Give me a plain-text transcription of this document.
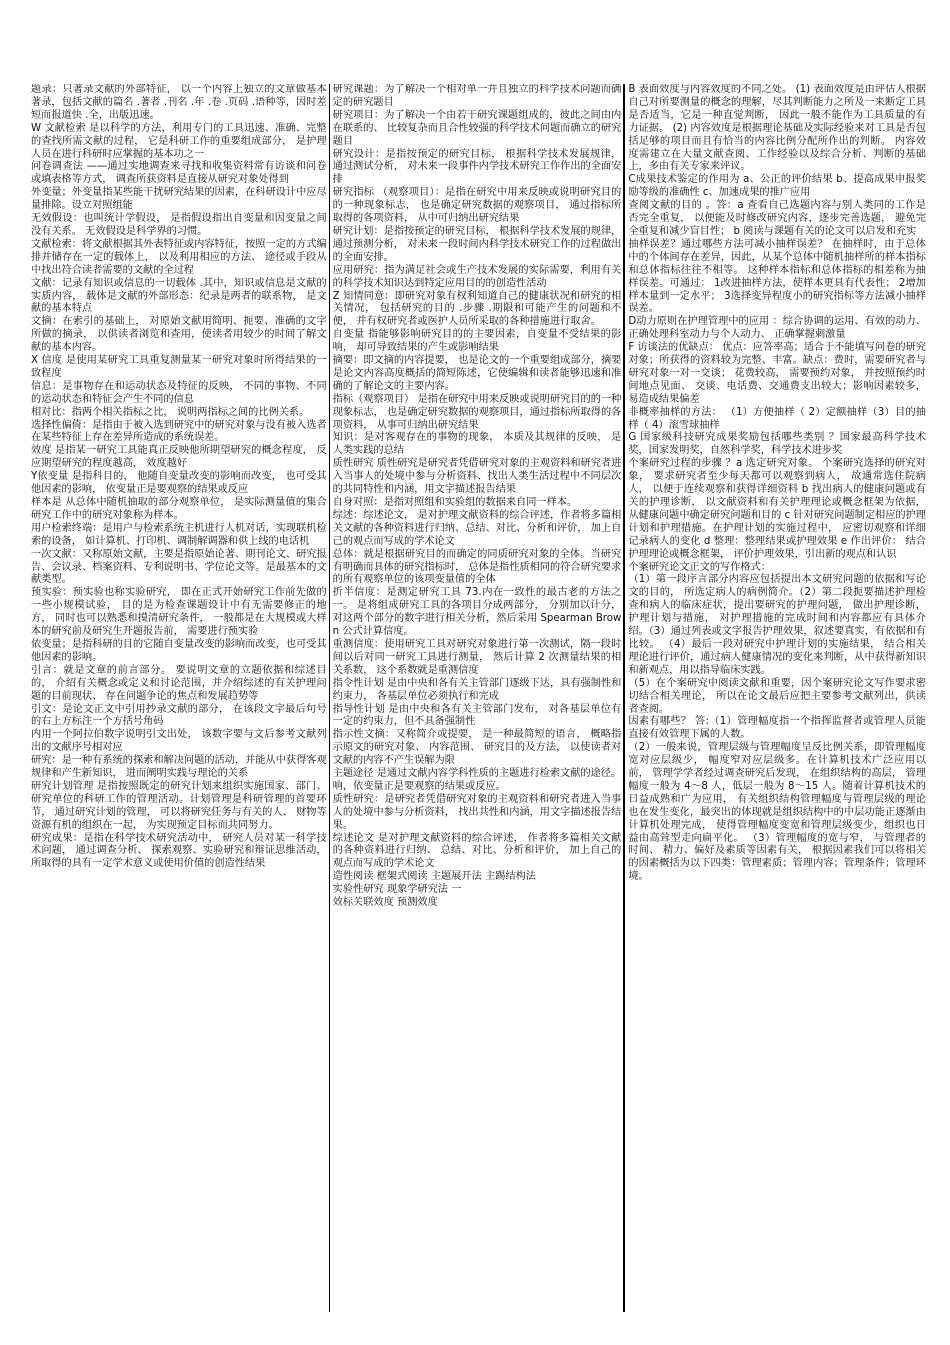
题录：只著录文献的外部特征， 以一个内容上独立的文章做基本著录，包括文献的篇名 .著者 .刊名 .年 .卷 .页码 .语种等，因时差短而报道快 .全，出版迅速。

W 文献检索 是以科学的方法，利用专门的工具迅速、准确、完整的查找所需文献的过程， 它是科研工作的重要组成部分， 是护理人员在进行科研时应掌握的基本功之一

问卷调查法 ——通过实地调查来寻找和收集资料常有访谈和问卷或填表格等方式， 调查所获资料是直接从研究对象处得到

外变量；外变量指某些能干扰研究结果的因素，在科研设计中应尽量排除。设立对照组能

无效假设：也叫统计学假设， 是指假设指出自变量和因变量之间没有关系。 无效假设是科学界的习惯。

文献检索：将文献根据其外表特征或内容特征，按照一定的方式编排并储存在一定的载体上， 以及利用相应的方法、 途径或手段从中找出符合读者需要的文献的全过程

文献：记录有知识或信息的一切载体 .其中，知识或信息是文献的实质内容， 载体是文献的外部形态：纪录是两者的联系物， 是文献的基本特点

文摘：在索引的基础上， 对原始文献用简明、扼要、准确的文字所做的摘录， 以供读者浏览和查用，使读者用较少的时间了解文献的基本内容。

X 信度 是使用某研究工具重复测量某一研究对象时所得结果的一致程度

信息：是事物存在和运动状态及特征的反映， 不同的事物、不同的运动状态和特征会产生不同的信息

相对比：指两个相关指标之比， 说明两指标之间的比例关系。

选择性偏倚：是指由于被入选到研究中的研究对象与没有被入选者在某些特征上存在差异所造成的系统误差。

效度 是指某一研究工具能真正反映他所期望研究的概念程度， 反应期望研究的程度越高， 效度越好

Y依变量 是指科目的， 他随自变量改变的影响而改变， 也可受其他因素的影响， 依变量正是要观察的结果或反应

样本是 从总体中随机抽取的部分观察单位， 是实际测量值的集合 研究工作中的研究对象称为样本。

用户检索终端：是用户与检索系统主机进行人机对话，实现联机检索的设备， 如计算机、打印机、调制解调器和供上线的电话机

一次文献：又称原始文献，主要是指原始论著、期刊论文、研究报告、会议录、档案资料、专利说明书、学位论文等。是最基本的文献类型。

预实验：预实验也称实验研究， 即在正式开始研究工作前先做的一些小规模试验， 目的是为检查课题设计中有无需要修正的地方， 同时也可以熟悉和摸清研究条件， 一般都是在大规模或大样本的研究前及研究生开题报告前， 需要进行预实验

依变量；是指科研的目的它随自变量改变的影响而改变，也可受其他因素的影响。

引言：就是文章的前言部分。 要说明文章的立题依据和综述目的， 介绍有关概念或定义和讨论范围，并介绍综述的有关护理问题的目前现状、 存在问题争论的焦点和发展趋势等

引文：是论文正文中引用抄录文献的部分， 在该段文字最后句号的右上方标注一个方括号角码

内用一个阿拉伯数字说明引文出处， 该数字要与文后参考文献列出的文献序号相对应

研究：是一种有系统的探索和解决问题的活动，并能从中获得客观规律和产生新知识， 进而阐明实践与理论的关系

研究计划管理 是指按照既定的研究计划来组织实施国家、部门、研究单位的科研工作的管理活动。计划管理是科研管理的首要环节， 通过研究计划的管理， 可以将研究任务与有关的人、 财物等资源有机的组织在一起， 为实现预定目标而共同努力。

研究成果：是指在科学技术研究活动中， 研究人员对某一科学技术问题， 通过调查分析、 探索观察、实验研究和辩证思维活动， 所取得的具有一定学术意义或使用价值的创造性结果

研究课题：为了解决一个相对单一并且独立的科学技术问题而确定的研究题目

研究项目：为了解决一个由若干研究课题组成的，彼此之间由内在联系的、 比较复杂而且合性较强的科学技术问题而确立的研究题目

研究设计：是指按预定的研究目标， 根据科学技术发展规律， 通过测试分析， 对未来一段事件内学技术研究工作作出的全面安排

研究指标 （观察项目）：是指在研究中用来反映或说明研究目的的一种现象标志， 也是确定研究数据的观察项目， 通过指标所取得的各项资料， 从中可归纳出研究结果

研究计划：是指按预定的研究目标， 根据科学技术发展的规律， 通过预测分析， 对未来一段时间内科学技术研究工作的过程做出的全面安排。

应用研究：指为满足社会或生产技术发展的实际需要，利用有关的科学技术知识达到特定应用目的的创造性活动

Z 知情同意：即研究对象有权利知道自己的健康状况和研究的相关情况， 包括研究的目的 .步骤 .期限和可能产生的问题和不便， 并有权研究者或医护人员所采取的各种措施进行取舍。

自变量 指能够影响研究目的的主要因素，自变量不受结果的影响， 却可导致结果的产生或影响结果

摘要：即文摘的内容提要， 也是论文的一个重要组成部分，摘要是论文内容高度概括的简短陈述，它使编辑和读者能够迅速和准确的了解论文的主要内容。

指标（观察项目） 是指在研究中用来反映或说明研究目的的一种现象标志， 也是确定研究数据的观察项目，通过指标所取得的各项资料， 从事可归纳出研究结果

知识：是对客观存在的事物的现象， 本质及其规律的反映， 是人类实践的总结

质性研究 质性研究是研究者凭借研究对象的主观资料和研究者进入当事人的处境中参与分析资料、找出人类生活过程中不同层次的共同特性和内涵，用文字描述报告结果

自身对照：是指对照组和实验组的数据来自同一样本。

综述：综述论文， 是对护理文献资料的综合评述，作者将多篇相关文献的各种资料进行归纳、总结、对比、分析和评价， 加上自己的观点而写成的学术论文

总体：就是根据研究目的而确定的同质研究对象的全体。当研究有明确而具体的研究指标时， 总体是指性质相同的符合研究要求的所有观察单位的该项变量值的全体

折半信度：是测定研究工具 73.内在一致性的最古老的方法之一。 是将组成研究工具的各项目分成两部分， 分别加以计分， 对这两个部分的数字进行相关分析，然后采用 Spearman Brown 公式计算信度。

重测信度：使用研究工具对研究对象进行第一次测试，隔一段时间以后对同一研究工具进行测量， 然后计算 2 次测量结果的相关系数， 这个系数就是重测信度

指令性计划 是由中央和各有关主管部门逐级下达，具有强制性和约束力， 各基层单位必须执行和完成

指导性计划 是由中央和各有关主管部门发布， 对各基层单位有一定的约束力，但不具备强制性

指示性文摘：又称简介或提要， 是一种最简短的语言， 概略指示原文的研究对象、 内容范围、 研究目的及方法， 以使读者对文献的内容不产生误解为限

主题途径 是通过文献内容学科性质的主题进行检索文献的途径。

响，依变量正是要观察的结果或反应。

质性研究：是研究者凭借研究对象的主观资料和研究者进入当事人的处境中参与分析资料， 找出共性和内涵，用文字描述报告结果。

综述论文 是对护理文献资料的综合评述， 作者将多篇相关文献的各种资料进行归纳、 总结、对比、分析和评价， 加上自己的观点而写成的学术论文

造性阅读 框架式阅读 主题展开法 主踢结构法

实验性研究 现象学研究法 一

效标关联效度 预测效度

B 表面效度与内容效度的不同之处。 (1) 表面效度是由评估人根据自己对所要测量的概念的理解，尽其判断能力之所及一来断定工具是否适当，它是一种直觉判断， 因此一般不能作为工具质量的有力证据。 (2) 内容效度是根据理论基础及实际经验来对工具是否包括足够的项目而且有恰当的内容比例分配所作出的判断。 内容效度需建立在大量文献查阅、工作经验以及综合分析、判断的基础上，多由有关专家来评议。

C成果技术鉴定的作用为 a、公正的评价结果 b、提高成果申报奖励等级的准确性 c、加速成果的推广应用

查阅文献的目的 。答：a 查看自己选题内容与别人类同的工作是否完全重复， 以便能及时修改研究内容，逐步完善选题， 避免完全重复和减少盲目性； b 阅读与课题有关的论文可以启发和充实

抽样误差？通过哪些方法可减小抽样误差？ 在抽样时，由于总体中的个体间存在差异，因此，从某个总体中随机抽样所的样本指标和总体指标往往不相等。 这种样本指标和总体指标的相差称为抽样误差。可通过： 1改进抽样方法，使样本更具有代表性； 2增加样本量到一定水平； 3选择变异程度小的研究指标等方法减小抽样误差。

D动力原则在护理管理中的应用 ：综合协调的运用、有效的动力、 正确处理科室动力与个人动力、 正确掌握刺激量

F 访谈法的优缺点： 优点：应答率高；适合于不能填写问卷的研究对象；所获得的资料较为完整、丰富。缺点：费时，需要研究者与研究对象一对一交谈； 花费较高， 需要预约对象， 并按照预约时间地点见面、 交谈、电话费、交通费支出较大；影响因素较多，易造成结果偏差

非概率抽样的方法： （1）方便抽样（ 2）定额抽样（3）目的抽样（ 4）滚雪球抽样

G 国家级科技研究成果奖励包括哪些类别 ？国家最高科学技术奖，国家发明奖，自然科学奖，科学技术进步奖

个案研究过程的步骤 ？a 选定研究对象。 个案研究选择的研究对象， 要求研究者至少每天都可以观察到病人， 故通常选住院病人， 以便于连续观察和获得详细资料 b 找出病人的健康问题或有关的护理诊断， 以文献资料和有关护理理论或概念框架为依据， 从健康问题中确定研究问题和目的 c 针对研究问题制定相应的护理计划和护理措施。在护理计划的实施过程中， 应密切观察和详细记录病人的变化 d 整理：整理结果或护理效果 e 作出评价： 结合护理理论或概念框架， 评价护理效果，引出新的观点和认识

个案研究论文正文的写作格式：

（1）第一段序言部分内容应包括提出本文研究问题的依据和写论文的目的， 所选定病人的病例简介。（2）第二段扼要描述护理检查和病人的临床症状，提出要研究的护理问题， 做出护理诊断，护理计划与措施， 对护理措施的完成时间和内容都应有具体介绍。（3）通过列表或文字报告护理效果，叙述要真实，有依据和有比较。 （4）最后一段对研究中护理计划的实施结果， 结合相关理论进行评价，通过病人健康情况的变化来判断，从中获得新知识和新观点，用以指导临床实践。

（5）在个案研究中阅读文献和重要，因个案研究论文写作要求密切结合相关理论， 所以在论文最后应把主要参考文献列出，供读者查阅。

因素有哪些？ 答:（1）管理幅度指一个指挥监督者或管理人员能直接有效管理下属的人数。

（2）一般来说，管理层级与管理幅度呈反比例关系，即管理幅度宽对应层级少， 幅度窄对应层级多。在计算机技术广泛应用以前， 管理学学者经过调查研究后发现， 在组织结构的高层， 管理幅度一般为 4～8 人，低层一般为 8～15 人。随着计算机技术的日益成熟和广为应用， 有关组织结构管理幅度与管理层级的理论也在发生变化，最突出的体现就是组织结构中的中层功能正逐渐由计算机处理完成， 使得管理幅度变宽和管理层级变少，组织也日益由高耸型走向扁平化。 （3）管理幅度的宽与窄， 与管理者的时间、 精力、偏好及素质等因素有关， 根据因素我们可以将相关的因素概括为以下四类：管理素质；管理内容；管理条件；管理环境。
